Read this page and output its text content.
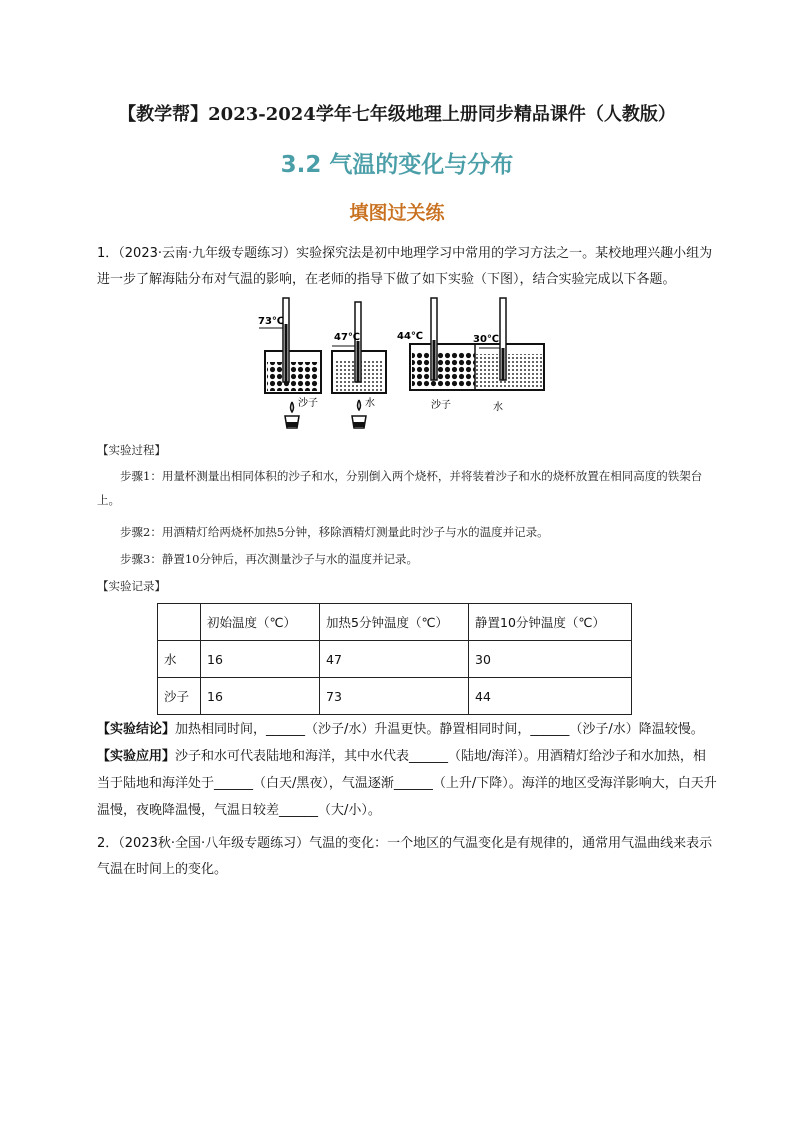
【教学帮】2023-2024学年七年级地理上册同步精品课件（人教版）
3.2 气温的变化与分布
填图过关练
1．（2023·云南·九年级专题练习）实验探究法是初中地理学习中常用的学习方法之一。某校地理兴趣小组为进一步了解海陆分布对气温的影响，在老师的指导下做了如下实验（下图），结合实验完成以下各题。
73℃
沙子
47℃
水
44℃	30℃
沙子	水
【实验过程】
步骤1：用量杯测量出相同体积的沙子和水，分别倒入两个烧杯，并将装着沙子和水的烧杯放置在相同高度的铁架台上。
步骤2：用酒精灯给两烧杯加热5分钟，移除酒精灯测量此时沙子与水的温度并记录。
步骤3：静置10分钟后，再次测量沙子与水的温度并记录。
【实验记录】
	初始温度（℃）	加热5分钟温度（℃）	静置10分钟温度（℃）
水	16	47	30
沙子	16	73	44
【实验结论】加热相同时间，______（沙子/水）升温更快。静置相同时间，______（沙子/水）降温较慢。
【实验应用】沙子和水可代表陆地和海洋，其中水代表______（陆地/海洋）。用酒精灯给沙子和水加热，相当于陆地和海洋处于______（白天/黑夜），气温逐渐______（上升/下降）。海洋的地区受海洋影响大，白天升温慢，夜晚降温慢，气温日较差______（大/小）。
2．（2023秋·全国·八年级专题练习）气温的变化：一个地区的气温变化是有规律的，通常用气温曲线来表示气温在时间上的变化。
